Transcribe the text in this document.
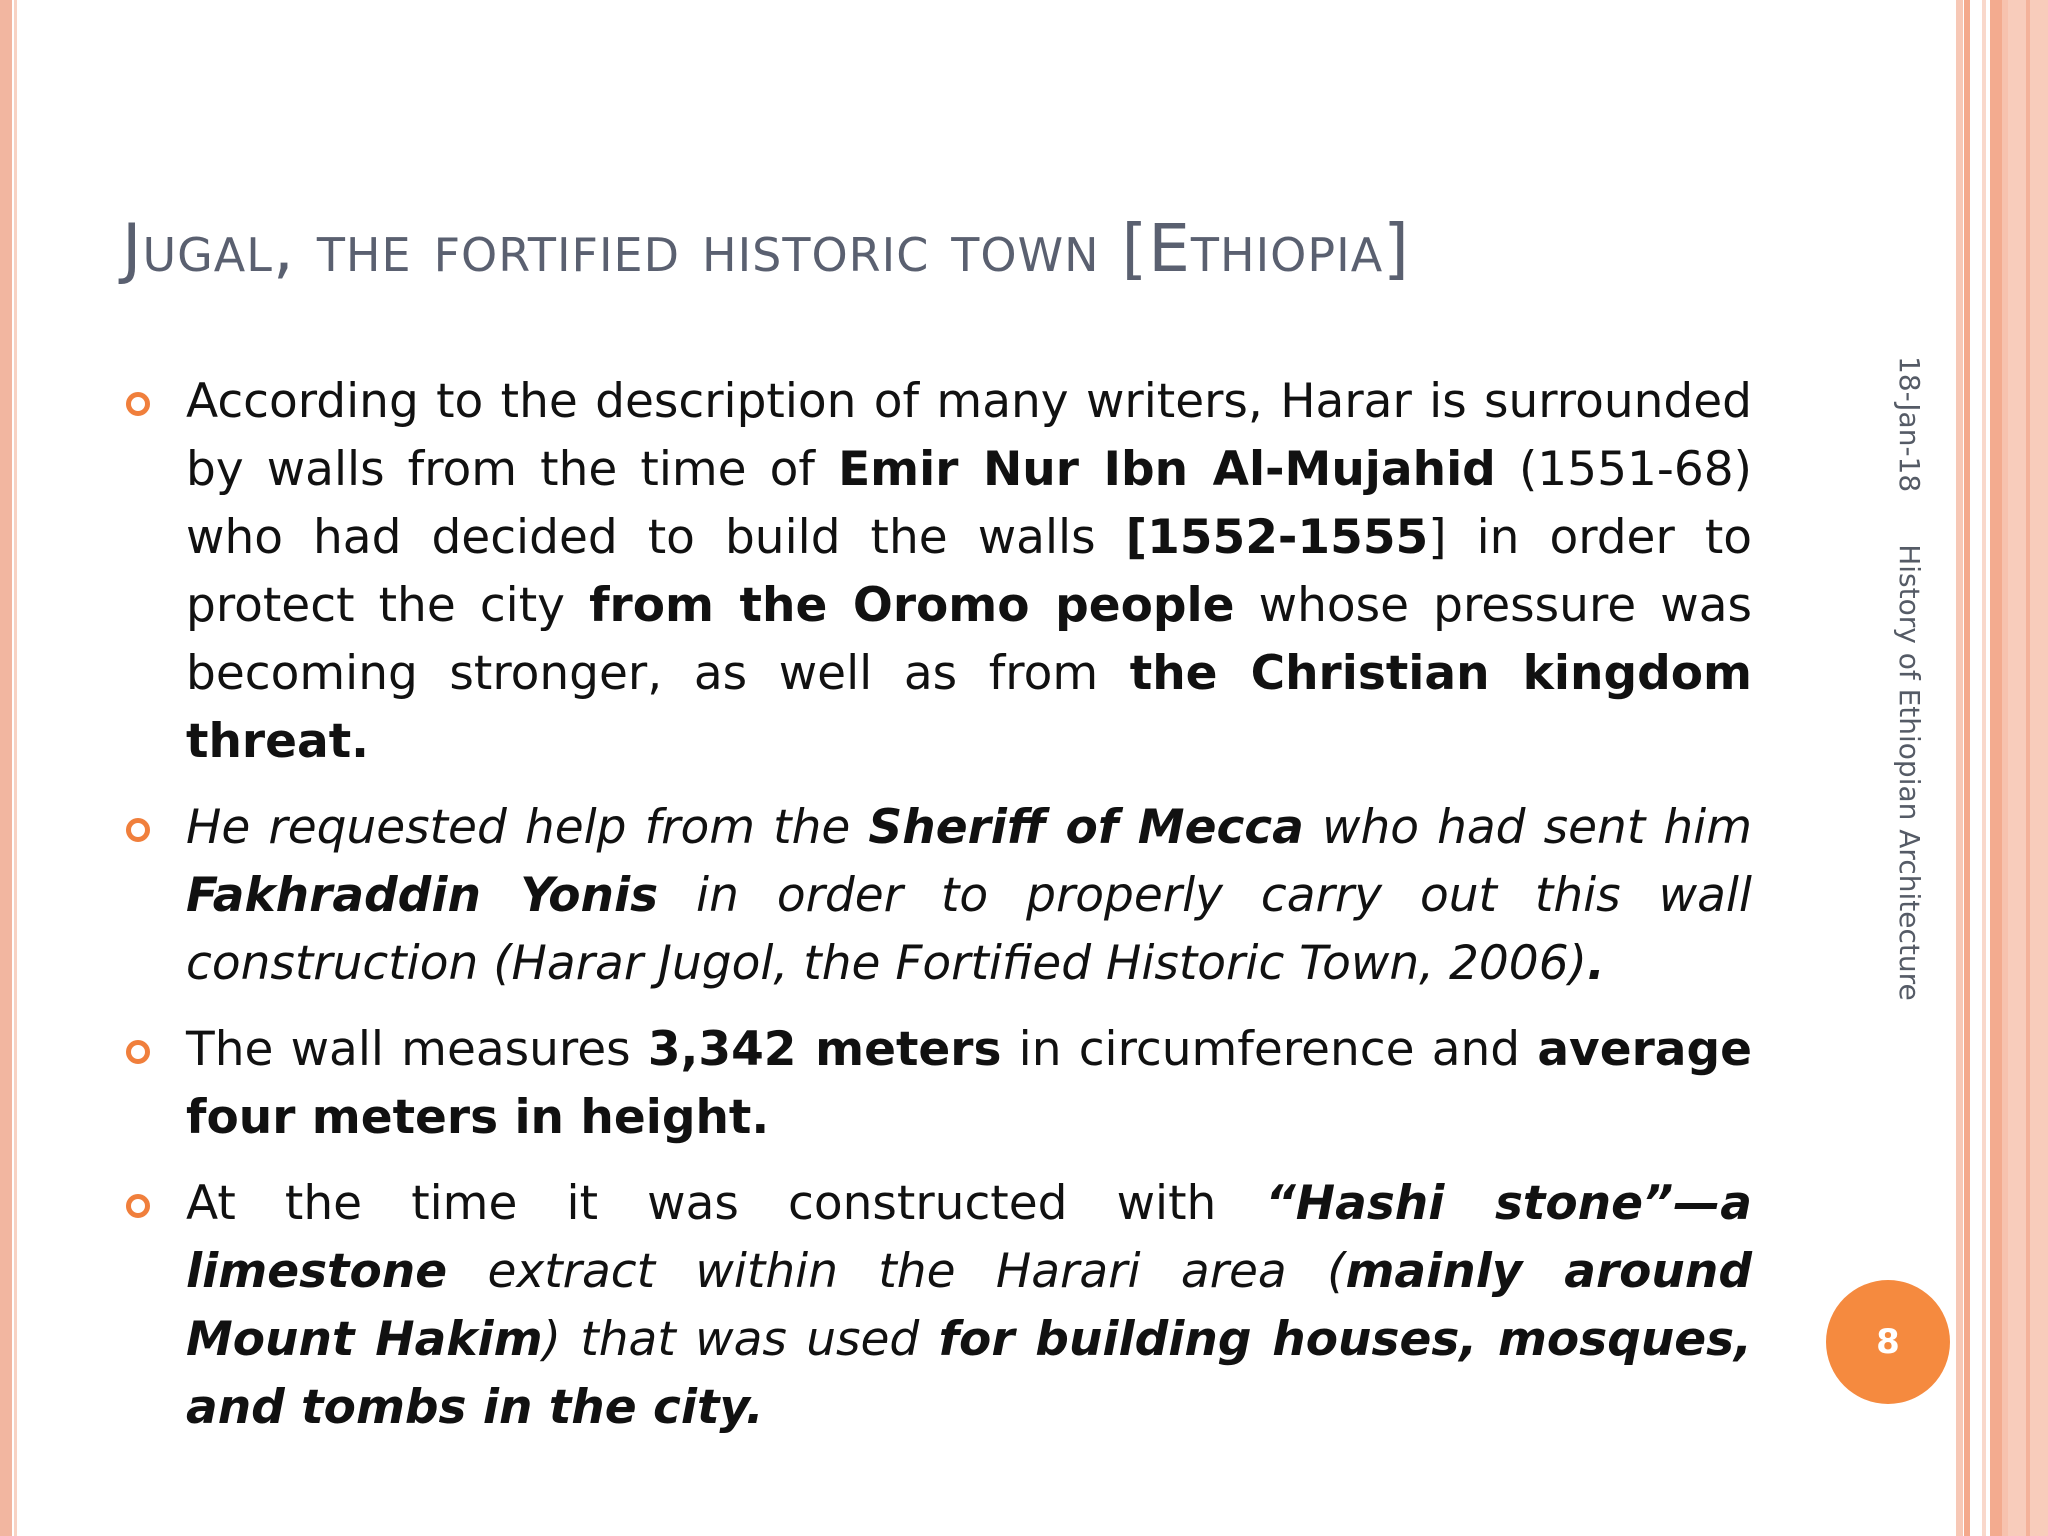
Jugal, the fortified historic town [Ethiopia]
According to the description of many writers, Harar is surrounded by walls from the time of Emir Nur Ibn Al-Mujahid (1551-68) who had decided to build the walls [1552-1555] in order to protect the city from the Oromo people whose pressure was becoming stronger, as well as from the Christian kingdom threat.
He requested help from the Sheriff of Mecca who had sent him Fakhraddin Yonis in order to properly carry out this wall construction (Harar Jugol, the Fortified Historic Town, 2006).
The wall measures 3,342 meters in circumference and average four meters in height.
At the time it was constructed with “Hashi stone”—a limestone extract within the Harari area (mainly around Mount Hakim) that was used for building houses, mosques, and tombs in the city.
18-Jan-18History of Ethiopian Architecture
8
